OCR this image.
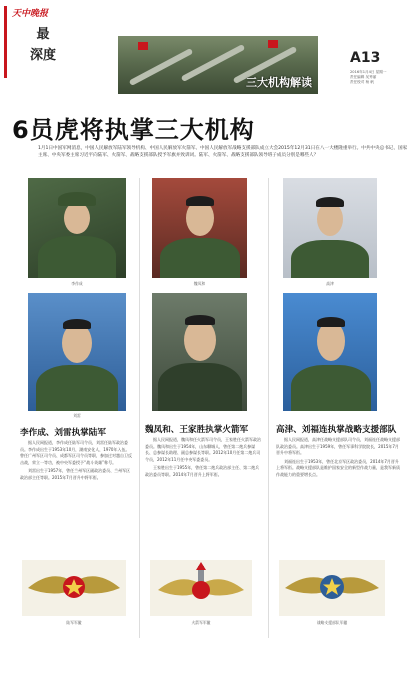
天中晚报
最
深度
三大机构解读
A13
2016年1月4日 星期一
责任编辑 吴秀丽
责任校对 杨 帆
6员虎将执掌三大机构
1月1日中国军网消息，中国人民解放军陆军领导机构、中国人民解放军火箭军、中国人民解放军战略支援部队成立大会2015年12月31日在八一大楼隆重举行。中共中央总书记、国家主席、中央军委主席习近平向陆军、火箭军、战略支援部队授予军旗并致训词。陆军、火箭军、战略支援部队领导班子成员分别是哪些人？
李作成	魏凤和	高津
刘雷
李作成、刘雷执掌陆军

据人民网报道，李作成任陆军司令员，刘雷任陆军政治委员。李作成出生于1953年10月，湖南安化人，1970年入伍。曾任广州军区司令员、成都军区司令员等职，参加过对越自卫反击战，荣立一等功，被中央军委授予“战斗英雄”称号。

刘雷出生于1957年，曾任兰州军区副政治委员、兰州军区政治部主任等职。2015年7月晋升中将军衔。

魏凤和、王家胜执掌火箭军

据人民网报道，魏凤和任火箭军司令员，王家胜任火箭军政治委员。魏凤和出生于1954年，山东聊城人，曾任第二炮兵参谋长、总参谋长助理、副总参谋长等职。2012年10月任第二炮兵司令员，2012年11月任中央军委委员。

王家胜出生于1955年，曾任第二炮兵政治部主任、第二炮兵政治委员等职。2014年7月晋升上将军衔。

高津、刘福连执掌战略支援部队

据人民网报道，高津任战略支援部队司令员，刘福连任战略支援部队政治委员。高津出生于1959年，曾任军事科学院院长，2015年7月晋升中将军衔。

刘福连出生于1953年，曾任北京军区政治委员，2014年7月晋升上将军衔。战略支援部队是维护国家安全的新型作战力量，是我军新质作战能力的重要增长点。

陆军军徽	火箭军军徽	战略支援部队军徽
